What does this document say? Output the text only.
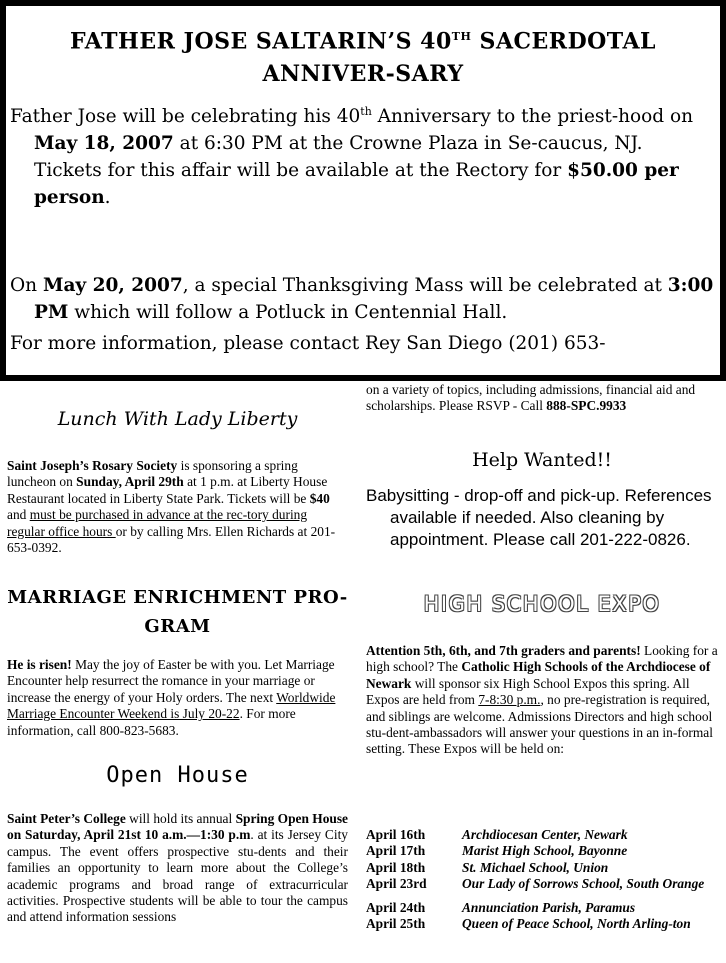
FATHER JOSE SALTARIN’S 40TH SACERDOTAL ANNIVER-SARY
Father Jose will be celebrating his 40th Anniversary to the priest-hood on May 18, 2007 at 6:30 PM at the Crowne Plaza in Se-caucus, NJ. Tickets for this affair will be available at the Rectory for $50.00 per person.
On May 20, 2007, a special Thanksgiving Mass will be celebrated at 3:00 PM which will follow a Potluck in Centennial Hall.
For more information, please contact Rey San Diego (201) 653-
Lunch With Lady Liberty
Saint Joseph’s Rosary Society is sponsoring a spring luncheon on Sunday, April 29th at 1 p.m. at Liberty House Restaurant located in Liberty State Park. Tickets will be $40 and must be purchased in advance at the rec-tory during regular office hours or by calling Mrs. Ellen Richards at 201-653-0392.
MARRIAGE ENRICHMENT PRO-GRAM
He is risen! May the joy of Easter be with you. Let Marriage Encounter help resurrect the romance in your marriage or increase the energy of your Holy orders. The next Worldwide Marriage Encounter Weekend is July 20-22. For more information, call 800-823-5683.
Open House
Saint Peter’s College will hold its annual Spring Open House on Saturday, April 21st 10 a.m.—1:30 p.m. at its Jersey City campus. The event offers prospective stu-dents and their families an opportunity to learn more about the College’s academic programs and broad range of extracurricular activities. Prospective students will be able to tour the campus and attend information sessions
on a variety of topics, including admissions, financial aid and scholarships. Please RSVP - Call 888-SPC.9933
Help Wanted!!
Babysitting - drop-off and pick-up. References available if needed. Also cleaning by appointment. Please call 201-222-0826.
HIGH SCHOOL EXPO
Attention 5th, 6th, and 7th graders and parents! Looking for a high school? The Catholic High Schools of the Archdiocese of Newark will sponsor six High School Expos this spring. All Expos are held from 7-8:30 p.m., no pre-registration is required, and siblings are welcome. Admissions Directors and high school stu-dent-ambassadors will answer your questions in an in-formal setting. These Expos will be held on:
April 16th	Archdiocesan Center, Newark
April 17th	Marist High School, Bayonne
April 18th	St. Michael School, Union
April 23rd	Our Lady of Sorrows School, South Orange
April 24th	Annunciation Parish, Paramus
April 25th	Queen of Peace School, North Arling-ton
